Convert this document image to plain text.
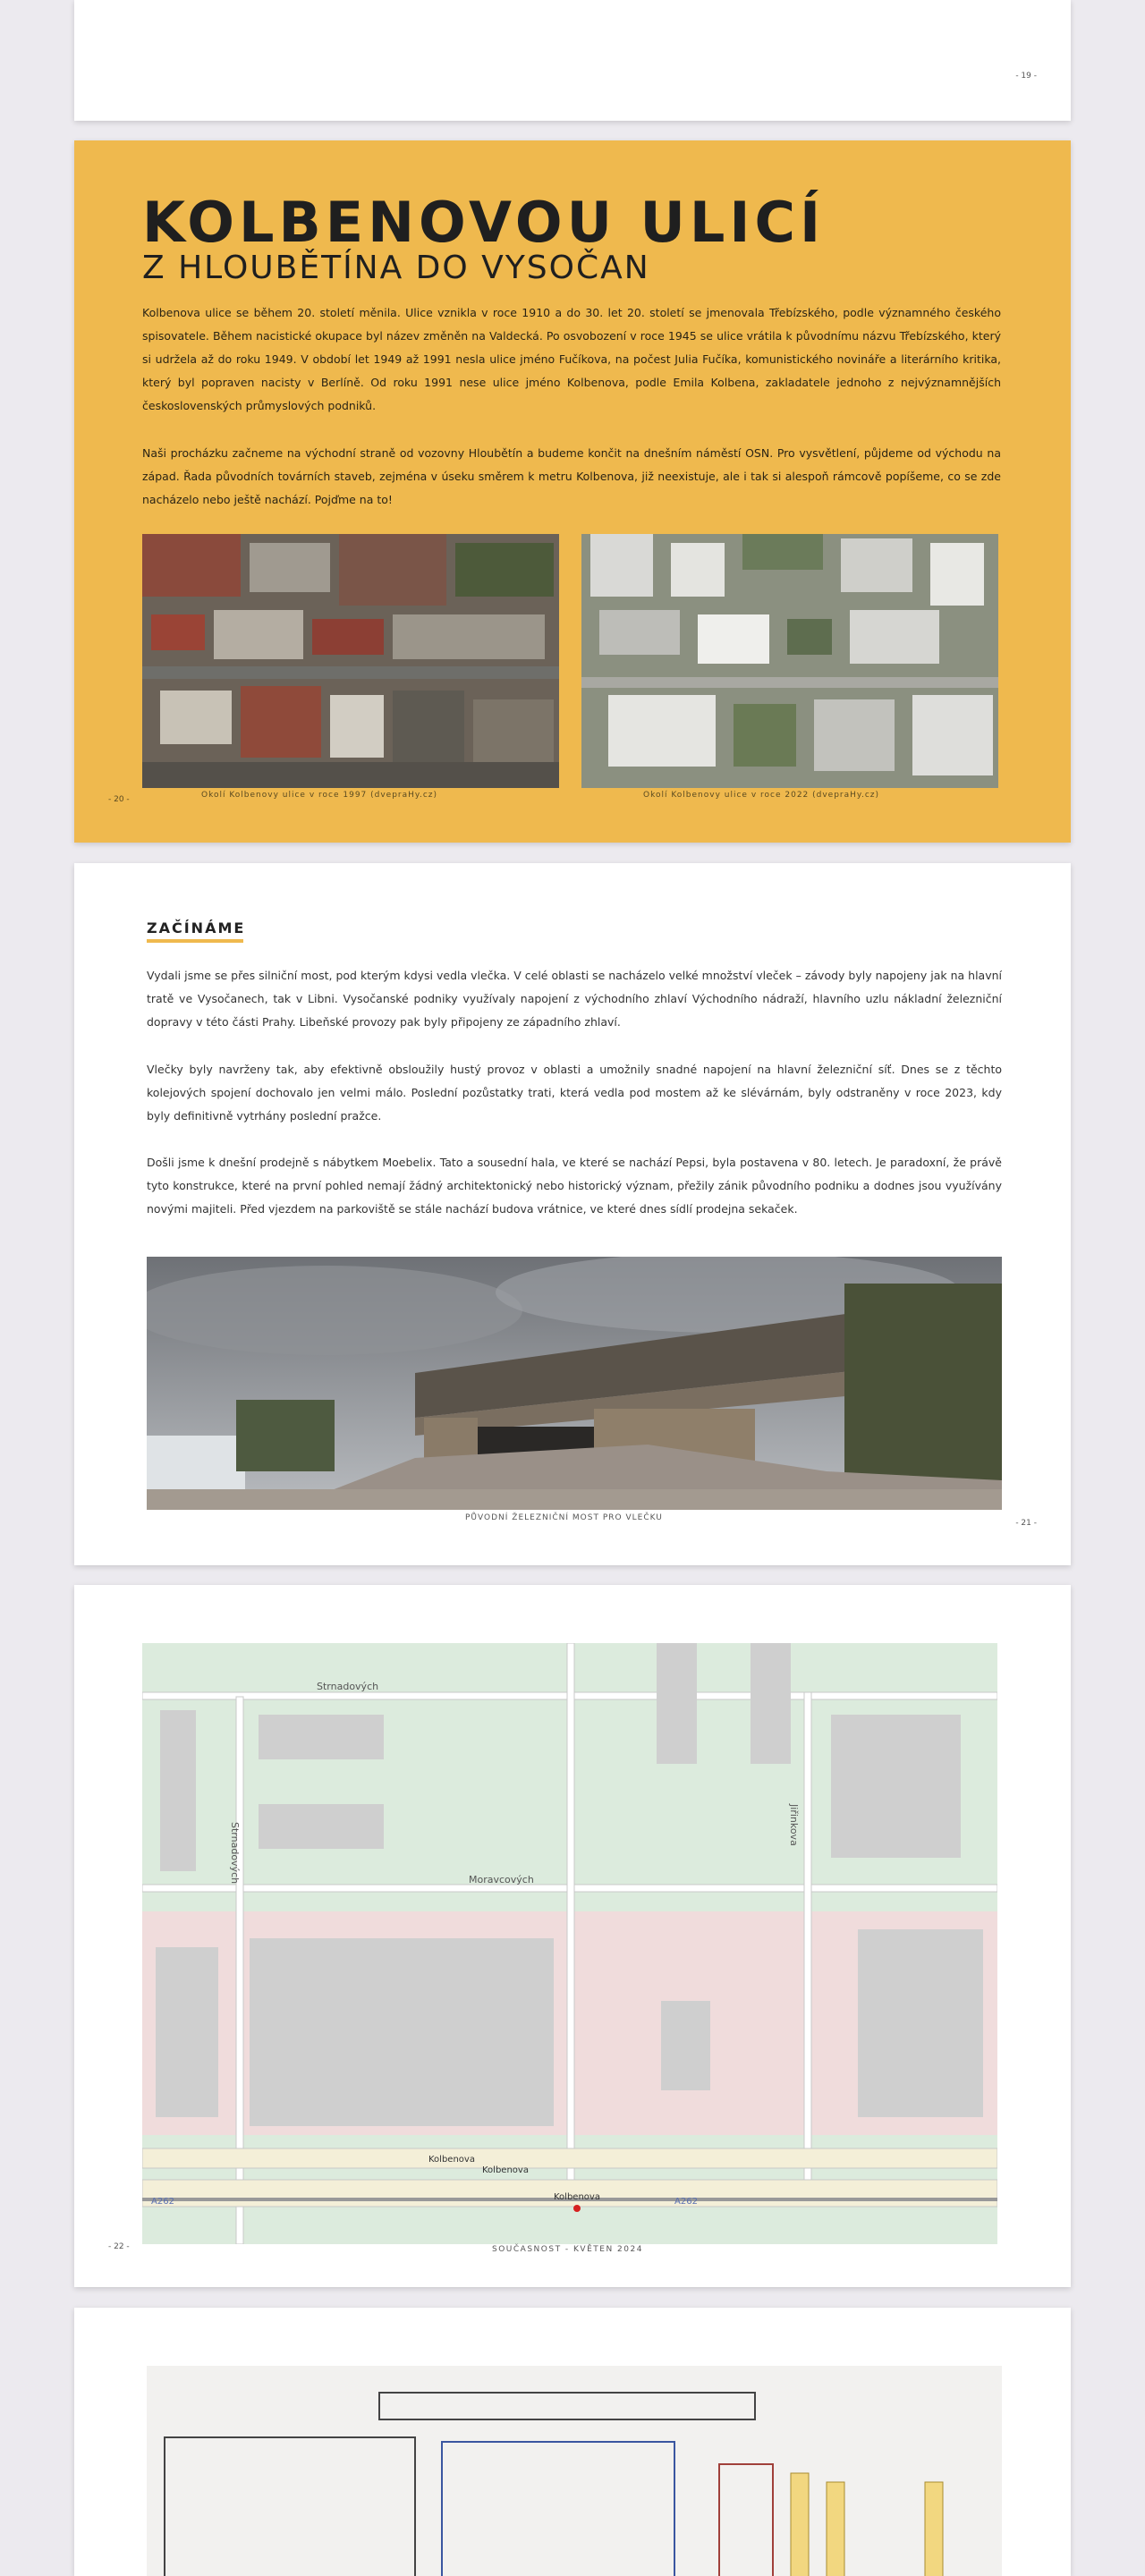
- 19 -
KOLBENOVOU ULICÍ
Z HLOUBĚTÍNA DO VYSOČAN

Kolbenova ulice se během 20. století měnila. Ulice vznikla v roce 1910 a do 30. let 20. století se jmenovala Třebízského, podle významného českého spisovatele. Během nacistické okupace byl název změněn na Valdecká. Po osvobození v roce 1945 se ulice vrátila k původnímu názvu Třebízského, který si udržela až do roku 1949. V období let 1949 až 1991 nesla ulice jméno Fučíkova, na počest Julia Fučíka, komunistického novináře a literárního kritika, který byl popraven nacisty v Berlíně. Od roku 1991 nese ulice jméno Kolbenova, podle Emila Kolbena, zakladatele jednoho z nejvýznamnějších československých průmyslových podniků.

Naši procházku začneme na východní straně od vozovny Hloubětín a budeme končit na dnešním náměstí OSN. Pro vysvětlení, půjdeme od východu na západ. Řada původních továrních staveb, zejména v úseku směrem k metru Kolbenova, již neexistuje, ale i tak si alespoň rámcově popíšeme, co se zde nacházelo nebo ještě nachází. Pojďme na to!

Okolí Kolbenovy ulice v roce 1997 (dvepraHy.cz)	Okolí Kolbenovy ulice v roce 2022 (dvepraHy.cz)
- 20 -
ZAČÍNÁME

Vydali jsme se přes silniční most, pod kterým kdysi vedla vlečka. V celé oblasti se nacházelo velké množství vleček – závody byly napojeny jak na hlavní tratě ve Vysočanech, tak v Libni. Vysočanské podniky využívaly napojení z východního zhlaví Východního nádraží, hlavního uzlu nákladní železniční dopravy v této části Prahy. Libeňské provozy pak byly připojeny ze západního zhlaví.

Vlečky byly navrženy tak, aby efektivně obsloužily hustý provoz v oblasti a umožnily snadné napojení na hlavní železniční síť. Dnes se z těchto kolejových spojení dochovalo jen velmi málo. Poslední pozůstatky trati, která vedla pod mostem až ke slévárnám, byly odstraněny v roce 2023, kdy byly definitivně vytrhány poslední pražce.

Došli jsme k dnešní prodejně s nábytkem Moebelix. Tato a sousední hala, ve které se nachází Pepsi, byla postavena v 80. letech. Je paradoxní, že právě tyto konstrukce, které na první pohled nemají žádný architektonický nebo historický význam, přežily zánik původního podniku a dodnes jsou využívány novými majiteli. Před vjezdem na parkoviště se stále nachází budova vrátnice, ve které dnes sídlí prodejna sekaček.

PŮVODNÍ ŽELEZNIČNÍ MOST PRO VLEČKU
- 21 -
Strnadových
Strnadových	Moravcových
Jiřinkova
Kolbenova
Kolbenova
Kolbenova
A262	A262
SOUČASNOST - KVĚTEN 2024
- 22 -
